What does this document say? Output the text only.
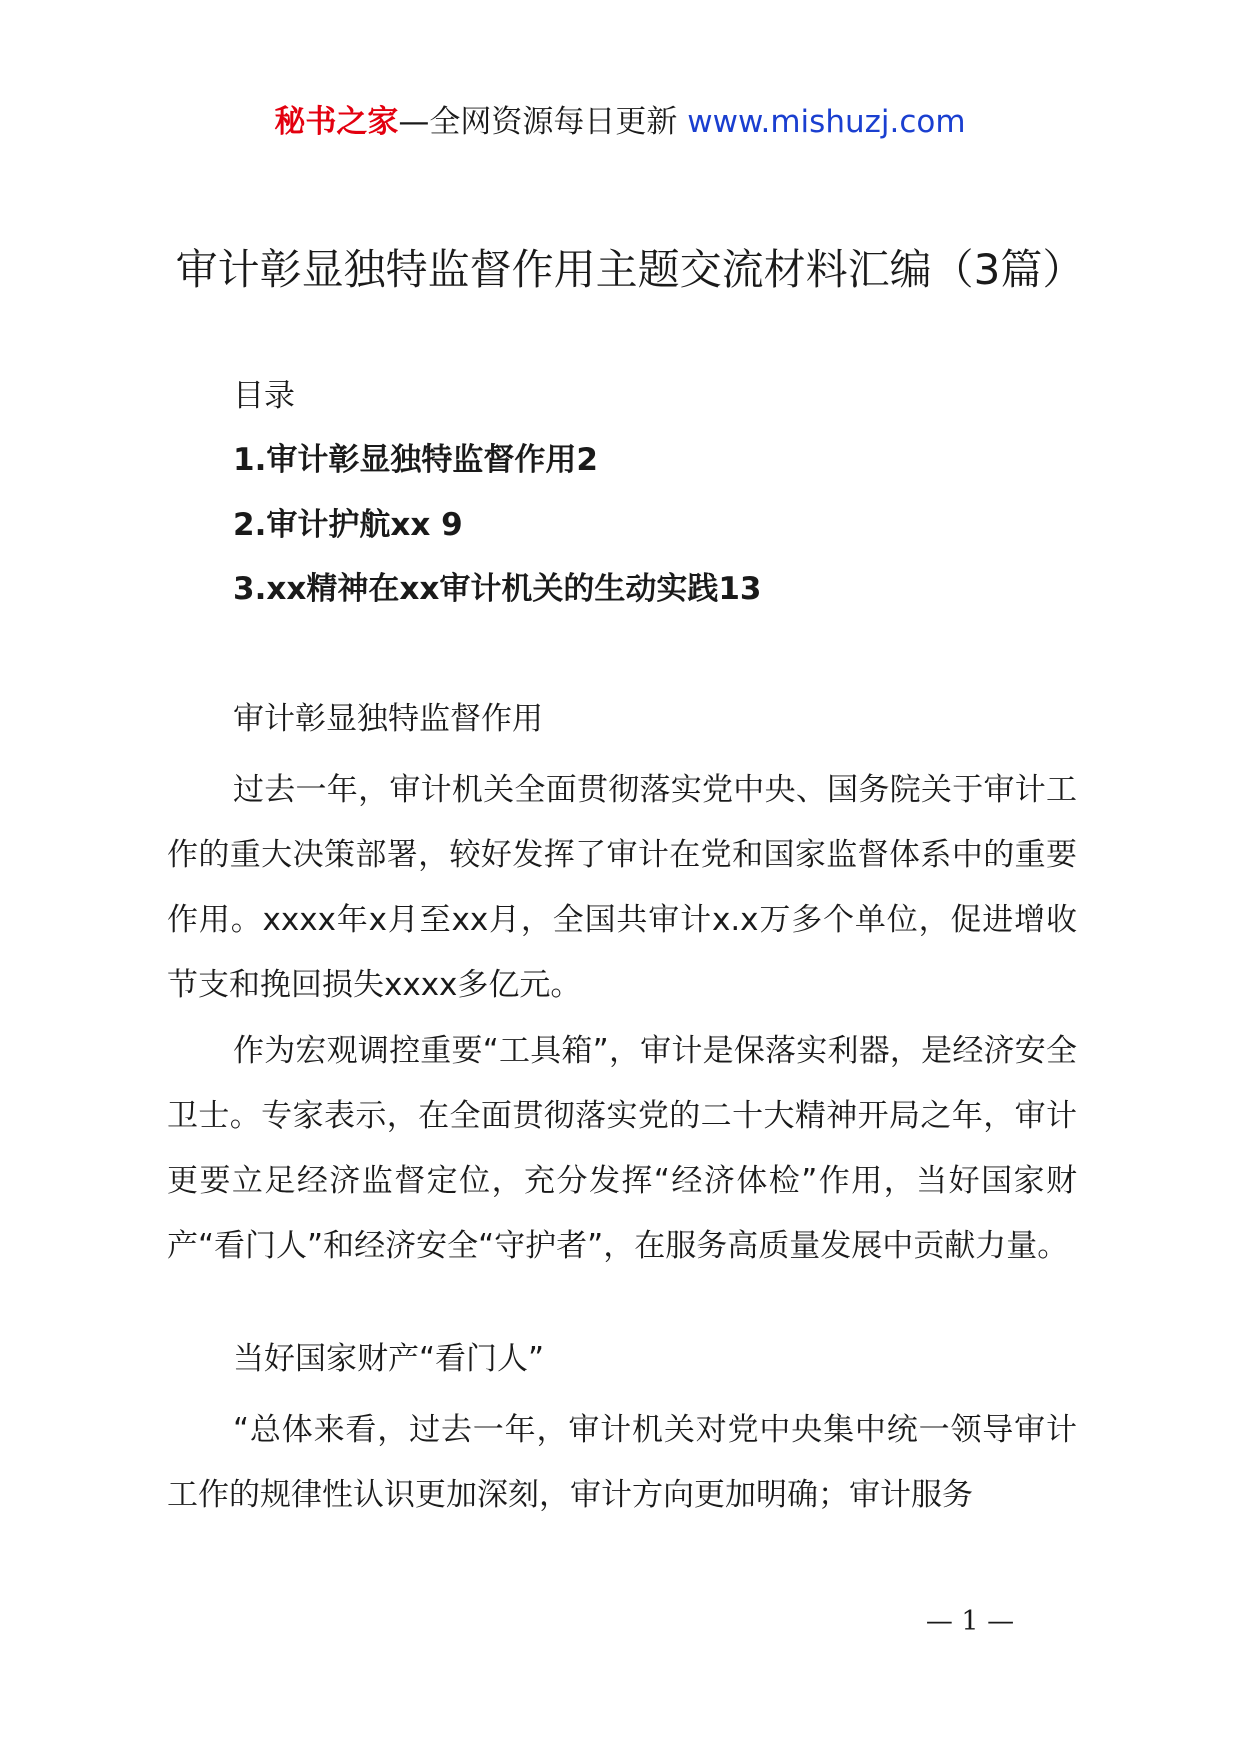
秘书之家—全网资源每日更新 www.mishuzj.com
审计彰显独特监督作用主题交流材料汇编（3篇）
目录
1.审计彰显独特监督作用2
2.审计护航xx 9
3.xx精神在xx审计机关的生动实践13
审计彰显独特监督作用

过去一年，审计机关全面贯彻落实党中央、国务院关于审计工作的重大决策部署，较好发挥了审计在党和国家监督体系中的重要作用。xxxx年x月至xx月，全国共审计x.x万多个单位，促进增收节支和挽回损失xxxx多亿元。

作为宏观调控重要“工具箱”，审计是保落实利器，是经济安全卫士。专家表示，在全面贯彻落实党的二十大精神开局之年，审计更要立足经济监督定位，充分发挥“经济体检”作用，当好国家财产“看门人”和经济安全“守护者”，在服务高质量发展中贡献力量。

当好国家财产“看门人”

“总体来看，过去一年，审计机关对党中央集中统一领导审计工作的规律性认识更加深刻，审计方向更加明确；审计服务

— 1 —
